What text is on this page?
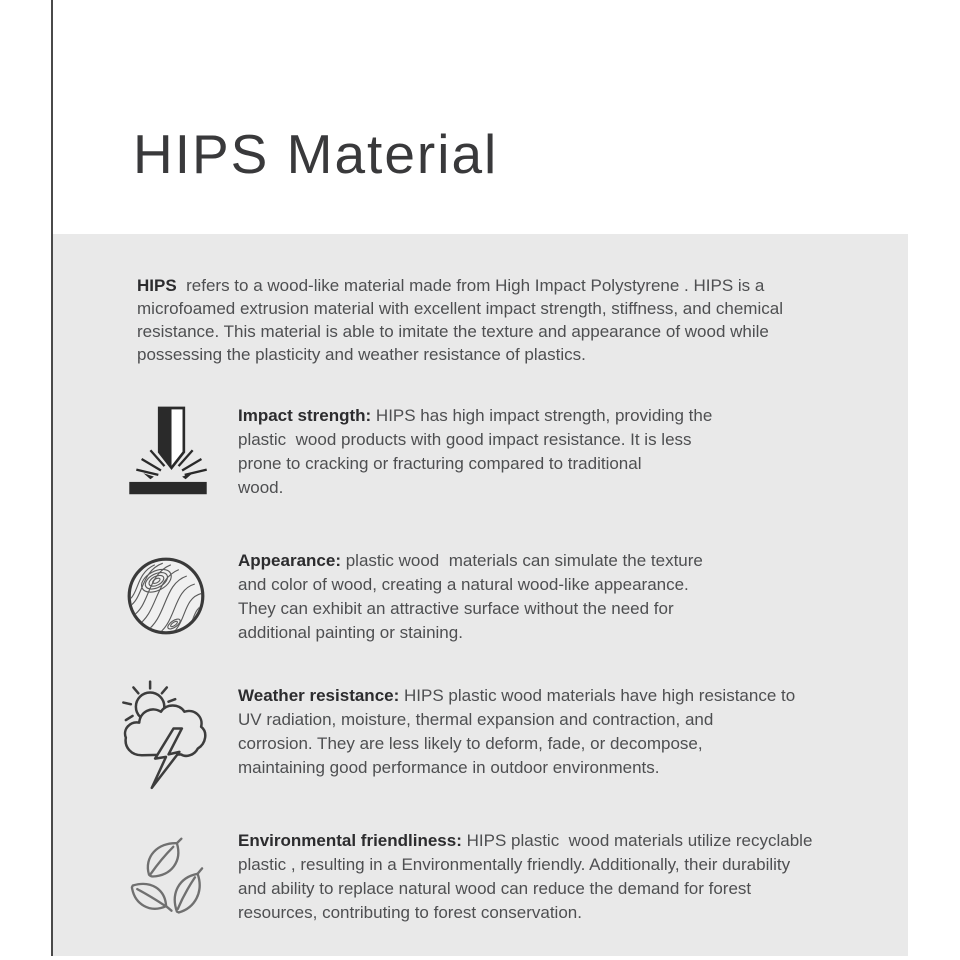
HIPS Material
HIPS  refers to a wood-like material made from High Impact Polystyrene . HIPS is a
microfoamed extrusion material with excellent impact strength, stiffness, and chemical
resistance. This material is able to imitate the texture and appearance of wood while
possessing the plasticity and weather resistance of plastics.
Impact strength: HIPS has high impact strength, providing the
plastic  wood products with good impact resistance. It is less
prone to cracking or fracturing compared to traditional
wood.
Appearance: plastic wood  materials can simulate the texture
and color of wood, creating a natural wood-like appearance.
They can exhibit an attractive surface without the need for
additional painting or staining.
Weather resistance: HIPS plastic wood materials have high resistance to
UV radiation, moisture, thermal expansion and contraction, and
corrosion. They are less likely to deform, fade, or decompose,
maintaining good performance in outdoor environments.
Environmental friendliness: HIPS plastic  wood materials utilize recyclable
plastic , resulting in a Environmentally friendly. Additionally, their durability
and ability to replace natural wood can reduce the demand for forest
resources, contributing to forest conservation.
